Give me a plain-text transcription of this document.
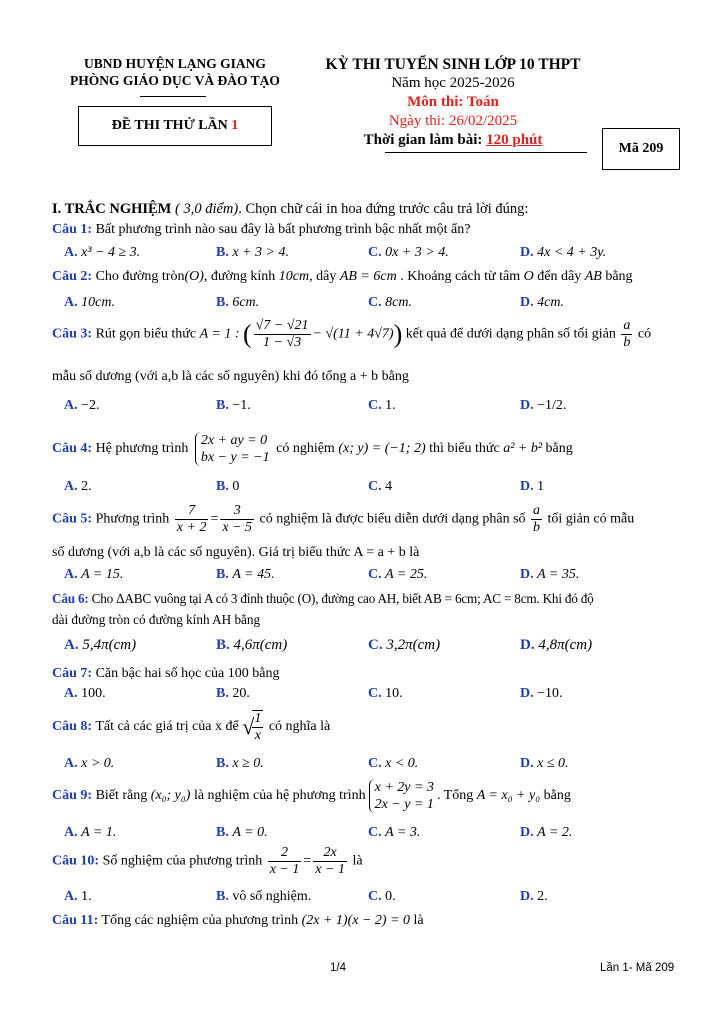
UBND HUYỆN LẠNG GIANG
PHÒNG GIÁO DỤC VÀ ĐÀO TẠO
ĐỀ THI THỬ LẦN 1
KỲ THI TUYỂN SINH LỚP 10 THPT
Năm học 2025-2026
Môn thi: Toán
Ngày thi: 26/02/2025
Thời gian làm bài: 120 phút
Mã 209
I. TRẮC NGHIỆM ( 3,0 điểm). Chọn chữ cái in hoa đứng trước câu trả lời đúng:
Câu 1: Bất phương trình nào sau đây là bất phương trình bậc nhất một ẩn?
A. x³ − 4 ≥ 3.	B. x + 3 > 4.	C. 0x + 3 > 4.	D. 4x < 4 + 3y.
Câu 2: Cho đường tròn(O), đường kính 10cm, dây AB = 6cm . Khoảng cách từ tâm O đến dây AB bằng
A. 10cm.	B. 6cm.	C. 8cm.	D. 4cm.
Câu 3: Rút gọn biểu thức A = 1 : ( $\frac{√7 - √21}{1 - √3} - √(11 + 4√7)$) kết quả để dưới dạng phân số tối giản $\frac{a}{b}$ có
mẫu số dương (với a,b là các số nguyên) khi đó tổng a + b bằng
A. −2.	B. −1.	C. 1.	D. −1/2.
Câu 4: Hệ phương trình
2x + ay = 0
bx − y = −1
có nghiệm (x; y) = (−1; 2) thì biểu thức a² + b² bằng
A. 2.	B. 0	C. 4	D. 1
Câu 5: Phương trình $\frac{7}{x + 2} = \frac{3}{x - 5}$ có nghiệm là được biểu diễn dưới dạng phân số $\frac{a}{b}$ tối giản có mẫu
số dương (với a,b là các số nguyên). Giá trị biểu thức A = a + b là
A. A = 15.	B. A = 45.	C. A = 25.	D. A = 35.
Câu 6: Cho ΔABC vuông tại A có 3 đỉnh thuộc (O), đường cao AH, biết AB = 6cm; AC = 8cm. Khi đó độ
dài đường tròn có đường kính AH bằng
A. 5,4π(cm)	B. 4,6π(cm)	C. 3,2π(cm)	D. 4,8π(cm)
Câu 7: Căn bậc hai số học của 100 bằng
A. 100.	B. 20.	C. 10.	D. −10.
Câu 8: Tất cả các giá trị của x để √
$\frac{1}{x}$ có nghĩa là
A. x > 0.	B. x ≥ 0.	C. x < 0.	D. x ≤ 0.
Câu 9: Biết rằng (x₀; y₀) là nghiệm của hệ phương trình
x + 2y = 3
2x − y = 1
. Tổng A = x₀ + y₀ bằng
A. A = 1.	B. A = 0.	C. A = 3.	D. A = 2.
Câu 10: Số nghiệm của phương trình $\frac{2}{x - 1} = \frac{2x}{x - 1}$ là
A. 1.	B. vô số nghiệm.	C. 0.	D. 2.
Câu 11: Tổng các nghiệm của phương trình (2x + 1)(x − 2) = 0 là
1/4	Lần 1- Mã 209
